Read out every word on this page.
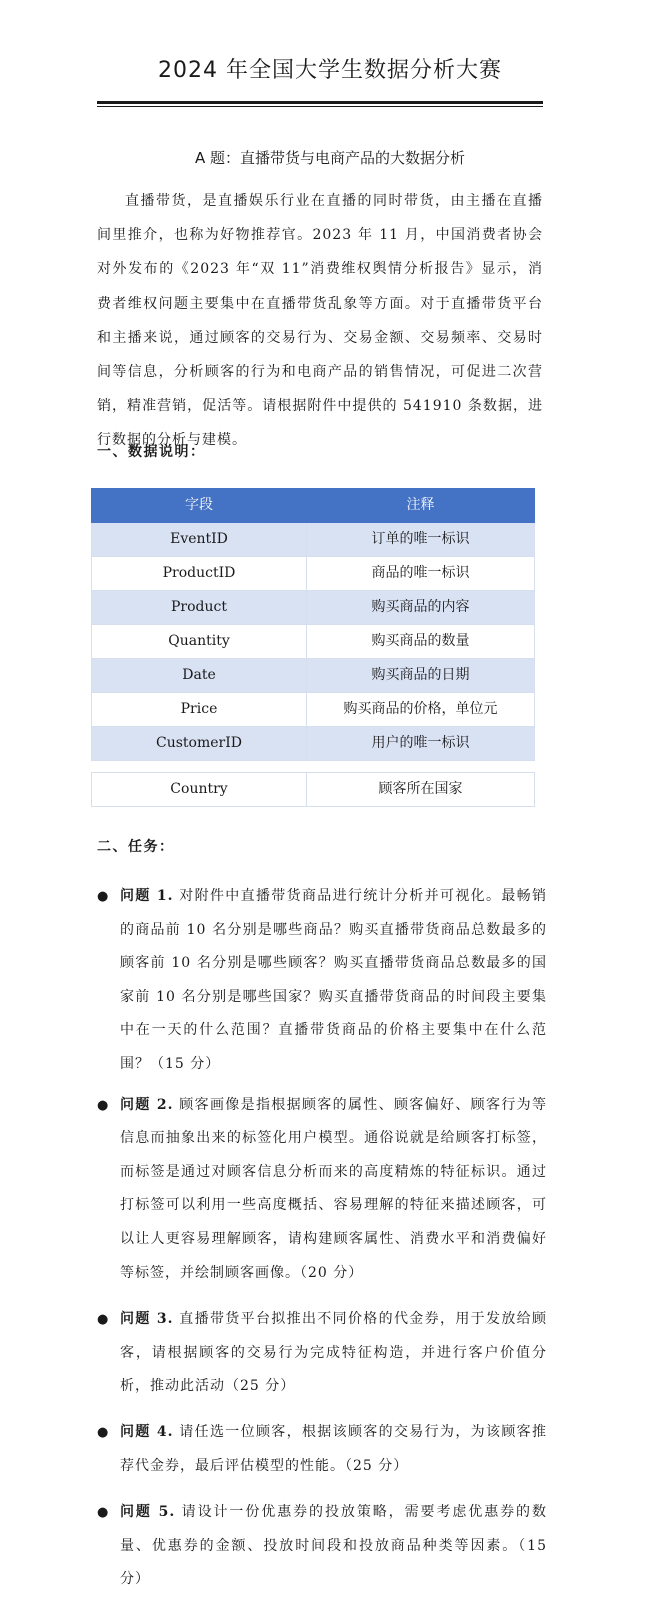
2024 年全国大学生数据分析大赛
A 题：直播带货与电商产品的大数据分析

直播带货，是直播娱乐行业在直播的同时带货，由主播在直播间里推介，也称为好物推荐官。2023 年 11 月，中国消费者协会对外发布的《2023 年“双 11”消费维权舆情分析报告》显示，消费者维权问题主要集中在直播带货乱象等方面。对于直播带货平台和主播来说，通过顾客的交易行为、交易金额、交易频率、交易时间等信息，分析顾客的行为和电商产品的销售情况，可促进二次营销，精准营销，促活等。请根据附件中提供的 541910 条数据，进行数据的分析与建模。

一、数据说明：
字段	注释
EventID	订单的唯一标识
ProductID	商品的唯一标识
Product	购买商品的内容
Quantity	购买商品的数量
Date	购买商品的日期
Price	购买商品的价格，单位元
CustomerID	用户的唯一标识
Country	顾客所在国家
二、任务：
● 问题 1. 对附件中直播带货商品进行统计分析并可视化。最畅销的商品前 10 名分别是哪些商品？购买直播带货商品总数最多的顾客前 10 名分别是哪些顾客？购买直播带货商品总数最多的国家前 10 名分别是哪些国家？购买直播带货商品的时间段主要集中在一天的什么范围？直播带货商品的价格主要集中在什么范围？（15 分）
● 问题 2. 顾客画像是指根据顾客的属性、顾客偏好、顾客行为等信息而抽象出来的标签化用户模型。通俗说就是给顾客打标签，而标签是通过对顾客信息分析而来的高度精炼的特征标识。通过打标签可以利用一些高度概括、容易理解的特征来描述顾客，可以让人更容易理解顾客，请构建顾客属性、消费水平和消费偏好等标签，并绘制顾客画像。（20 分）
● 问题 3. 直播带货平台拟推出不同价格的代金券，用于发放给顾客，请根据顾客的交易行为完成特征构造，并进行客户价值分析，推动此活动（25 分）
● 问题 4. 请任选一位顾客，根据该顾客的交易行为，为该顾客推荐代金券，最后评估模型的性能。（25 分）
● 问题 5. 请设计一份优惠券的投放策略，需要考虑优惠券的数量、优惠券的金额、投放时间段和投放商品种类等因素。（15 分）
